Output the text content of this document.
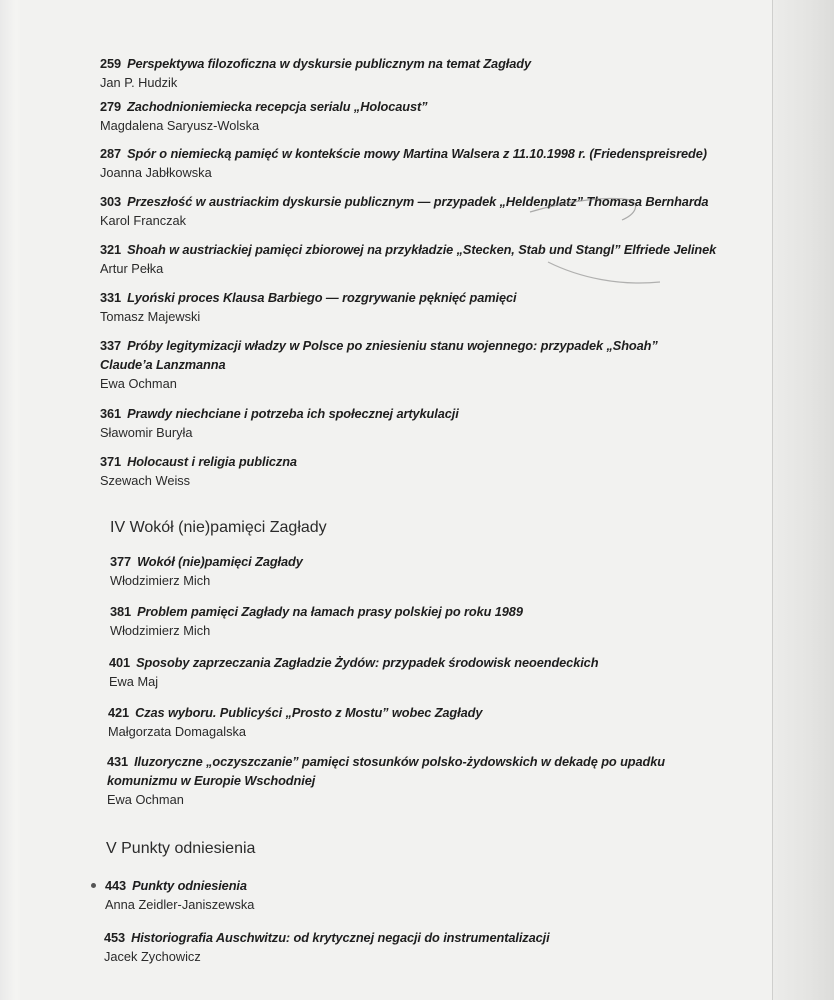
259 Perspektywa filozoficzna w dyskursie publicznym na temat Zagłady
Jan P. Hudzik
279 Zachodnioniemiecka recepcja serialu „Holocaust”
Magdalena Saryusz-Wolska
287 Spór o niemiecką pamięć w kontekście mowy Martina Walsera z 11.10.1998 r. (Friedenspreisrede)
Joanna Jabłkowska
303 Przeszłość w austriackim dyskursie publicznym — przypadek „Heldenplatz” Thomasa Bernharda
Karol Franczak
321 Shoah w austriackiej pamięci zbiorowej na przykładzie „Stecken, Stab und Stangl” Elfriede Jelinek
Artur Pełka
331 Lyoński proces Klausa Barbiego — rozgrywanie pęknięć pamięci
Tomasz Majewski
337 Próby legitymizacji władzy w Polsce po zniesieniu stanu wojennego: przypadek „Shoah”
Claude’a Lanzmanna
Ewa Ochman
361 Prawdy niechciane i potrzeba ich społecznej artykulacji
Sławomir Buryła
371 Holocaust i religia publiczna
Szewach Weiss
IV Wokół (nie)pamięci Zagłady
377 Wokół (nie)pamięci Zagłady
Włodzimierz Mich
381 Problem pamięci Zagłady na łamach prasy polskiej po roku 1989
Włodzimierz Mich
401 Sposoby zaprzeczania Zagładzie Żydów: przypadek środowisk neoendeckich
Ewa Maj
421 Czas wyboru. Publicyści „Prosto z Mostu” wobec Zagłady
Małgorzata Domagalska
431 Iluzoryczne „oczyszczanie” pamięci stosunków polsko-żydowskich w dekadę po upadku
komunizmu w Europie Wschodniej
Ewa Ochman
V Punkty odniesienia
443 Punkty odniesienia
Anna Zeidler-Janiszewska
453 Historiografia Auschwitzu: od krytycznej negacji do instrumentalizacji
Jacek Zychowicz
